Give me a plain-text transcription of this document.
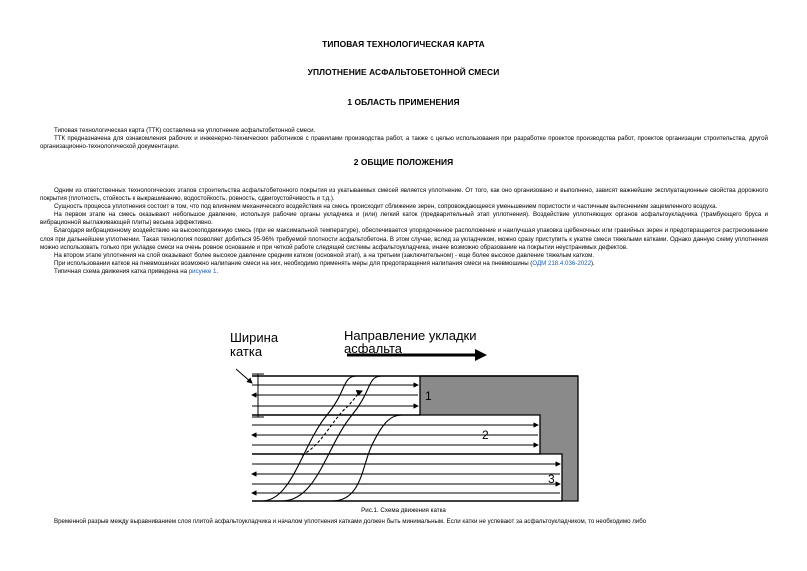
ТИПОВАЯ ТЕХНОЛОГИЧЕСКАЯ КАРТА
УПЛОТНЕНИЕ АСФАЛЬТОБЕТОННОЙ СМЕСИ
1 ОБЛАСТЬ ПРИМЕНЕНИЯ

Типовая технологическая карта (ТТК) составлена на уплотнение асфальтобетонной смеси.

ТТК предназначена для ознакомления рабочих и инженерно-технических работников с правилами производства работ, а также с целью использования при разработке проектов производства работ, проектов организации строительства, другой организационно-технологической документации.

2 ОБЩИЕ ПОЛОЖЕНИЯ

Одним из ответственных технологических этапов строительства асфальтобетонного покрытия из укатываемых смесей является уплотнение. От того, как оно организовано и выполнено, зависят важнейшие эксплуатационные свойства дорожного покрытия (плотность, стойкость к выкрашиванию, водостойкость, ровность, сдвигоустойчивость и т.д.).

Сущность процесса уплотнения состоит в том, что под влиянием механического воздействия на смесь происходит сближение зерен, сопровождающееся уменьшением пористости и частичным вытеснением защемленного воздуха.

На первом этапе на смесь оказывают небольшое давление, используя рабочие органы укладчика и (или) легкий каток (предварительный этап уплотнения). Воздействие уплотняющих органов асфальтоукладчика (трамбующего бруса и вибрационной выглаживающей плиты) весьма эффективно.

Благодаря вибрационному воздействию на высокоподвижную смесь (при ее максимальной температуре), обеспечивается упорядоченное расположение и наилучшая упаковка щебеночных или гравийных зерен и предотвращается растрескивание слоя при дальнейшем уплотнении. Такая технология позволяет добиться 95-96% требуемой плотности асфальтобетона. В этом случае, вслед за укладчиком, можно сразу приступить к укатке смеси тяжелыми катками. Однако данную схему уплотнения можно использовать только при укладке смеси на очень ровное основание и при четкой работе следящей системы асфальтоукладчика, иначе возможно образование на покрытии неустранимых дефектов.

На втором этапе уплотнения на слой оказывают более высокое давление средним катком (основной этап), а на третьем (заключительном) - еще более высокое давление тяжелым катком.

При использовании катков на пневмошинах возможно налипание смеси на них, необходимо применять меры для предотвращения налипания смеси на пневмошины (ОДМ 218.4.036-2022).

Типичная схема движения катка приведена на рисунке 1.

Ширина
катка
Направление укладки
асфальта
1
2
3
Рис.1. Схема движения катка
Временной разрыв между выравниванием слоя плитой асфальтоукладчика и началом уплотнения катками должен быть минимальным. Если катки не успевают за асфальтоукладчиком, то необходимо либо
